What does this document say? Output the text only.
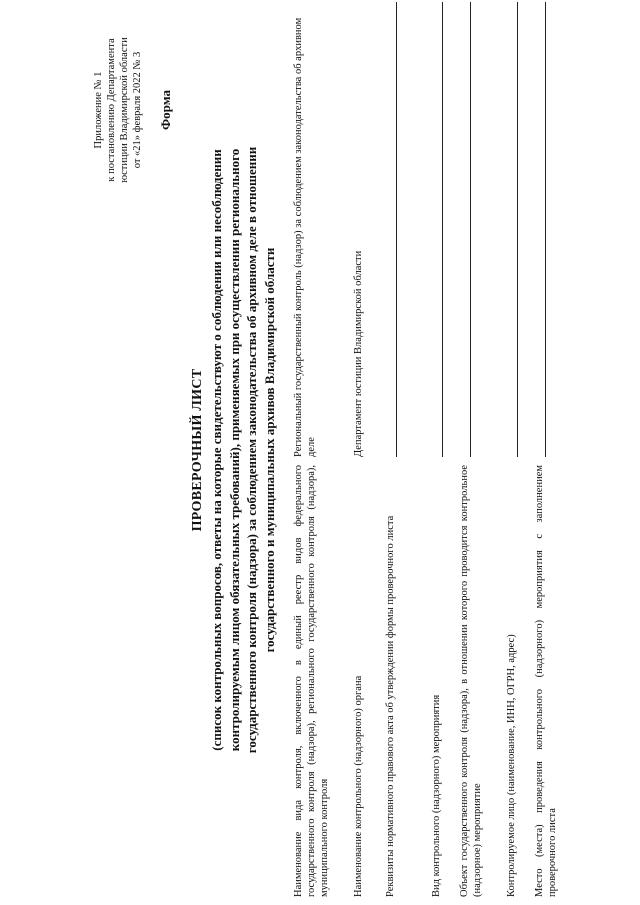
Приложение № 1 к постановлению Департамента юстиции Владимирской области от «21» февраля 2022 № 3 Форма
ПРОВЕРОЧНЫЙ ЛИСТ (список контрольных вопросов, ответы на которые свидетельствуют о соблюдении или несоблюдении контролируемым лицом обязательных требований), применяемых при осуществлении регионального государственного контроля (надзора) за соблюдением законодательства об архивном деле в отношении государственного и муниципальных архивов Владимирской области
Наименование вида контроля, включенного в единый реестр видов федерального государственного контроля (надзора), регионального государственного контроля (надзора), муниципального контроля
Региональный государственный контроль (надзор) за соблюдением законодательства об архивном деле
Наименование контрольного (надзорного) органа
Департамент юстиции Владимирской области
Реквизиты нормативного правового акта об утверждении формы проверочного листа	Вид контрольного (надзорного) мероприятия Объект государственного контроля (надзора), в отношении которого проводится контрольное (надзорное) мероприятие Контролируемое лицо (наименование, ИНН, ОГРН, адрес) Место (места) проведения контрольного (надзорного) мероприятия с заполнением проверочного листа
